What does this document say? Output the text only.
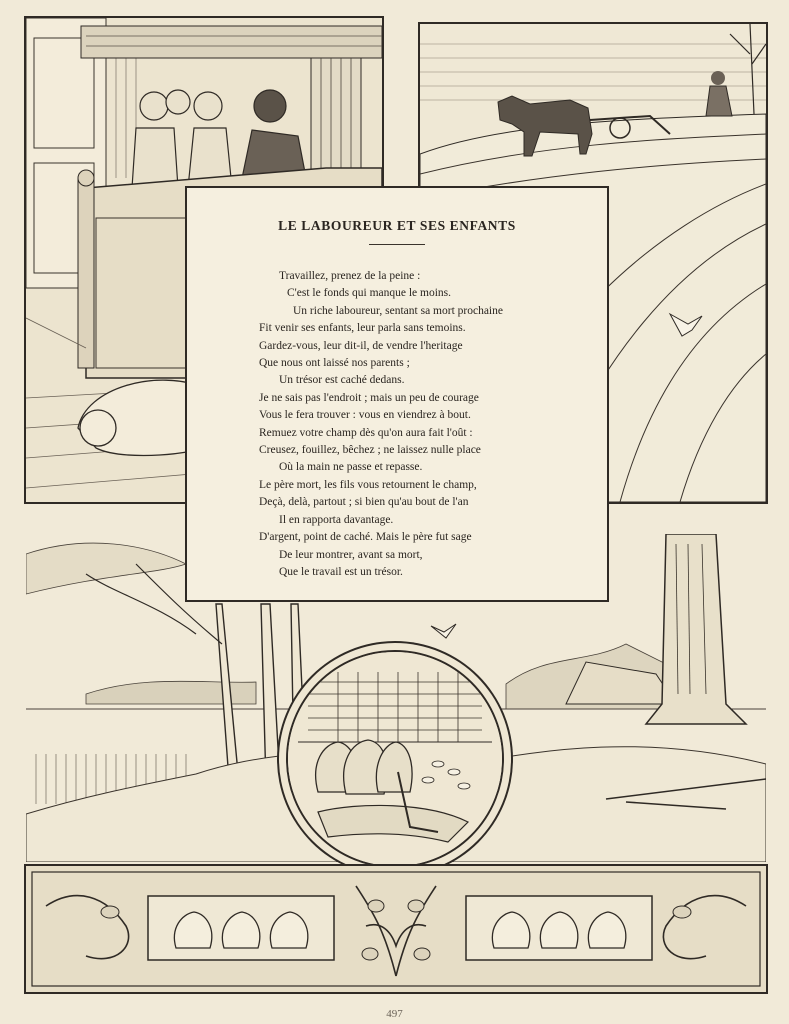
LE LABOUREUR ET SES ENFANTS
Travaillez, prenez de la peine :
C'est le fonds qui manque le moins.
Un riche laboureur, sentant sa mort prochaine
Fit venir ses enfants, leur parla sans temoins.
Gardez-vous, leur dit-il, de vendre l'heritage
Que nous ont laissé nos parents ;
Un trésor est caché dedans.
Je ne sais pas l'endroit ; mais un peu de courage
Vous le fera trouver : vous en viendrez à bout.
Remuez votre champ dès qu'on aura fait l'oût :
Creusez, fouillez, bêchez ; ne laissez nulle place
Où la main ne passe et repasse.
Le père mort, les fils vous retournent le champ,
Deçà, delà, partout ; si bien qu'au bout de l'an
Il en rapporta davantage.
D'argent, point de caché. Mais le père fut sage
De leur montrer, avant sa mort,
Que le travail est un trésor.
497
